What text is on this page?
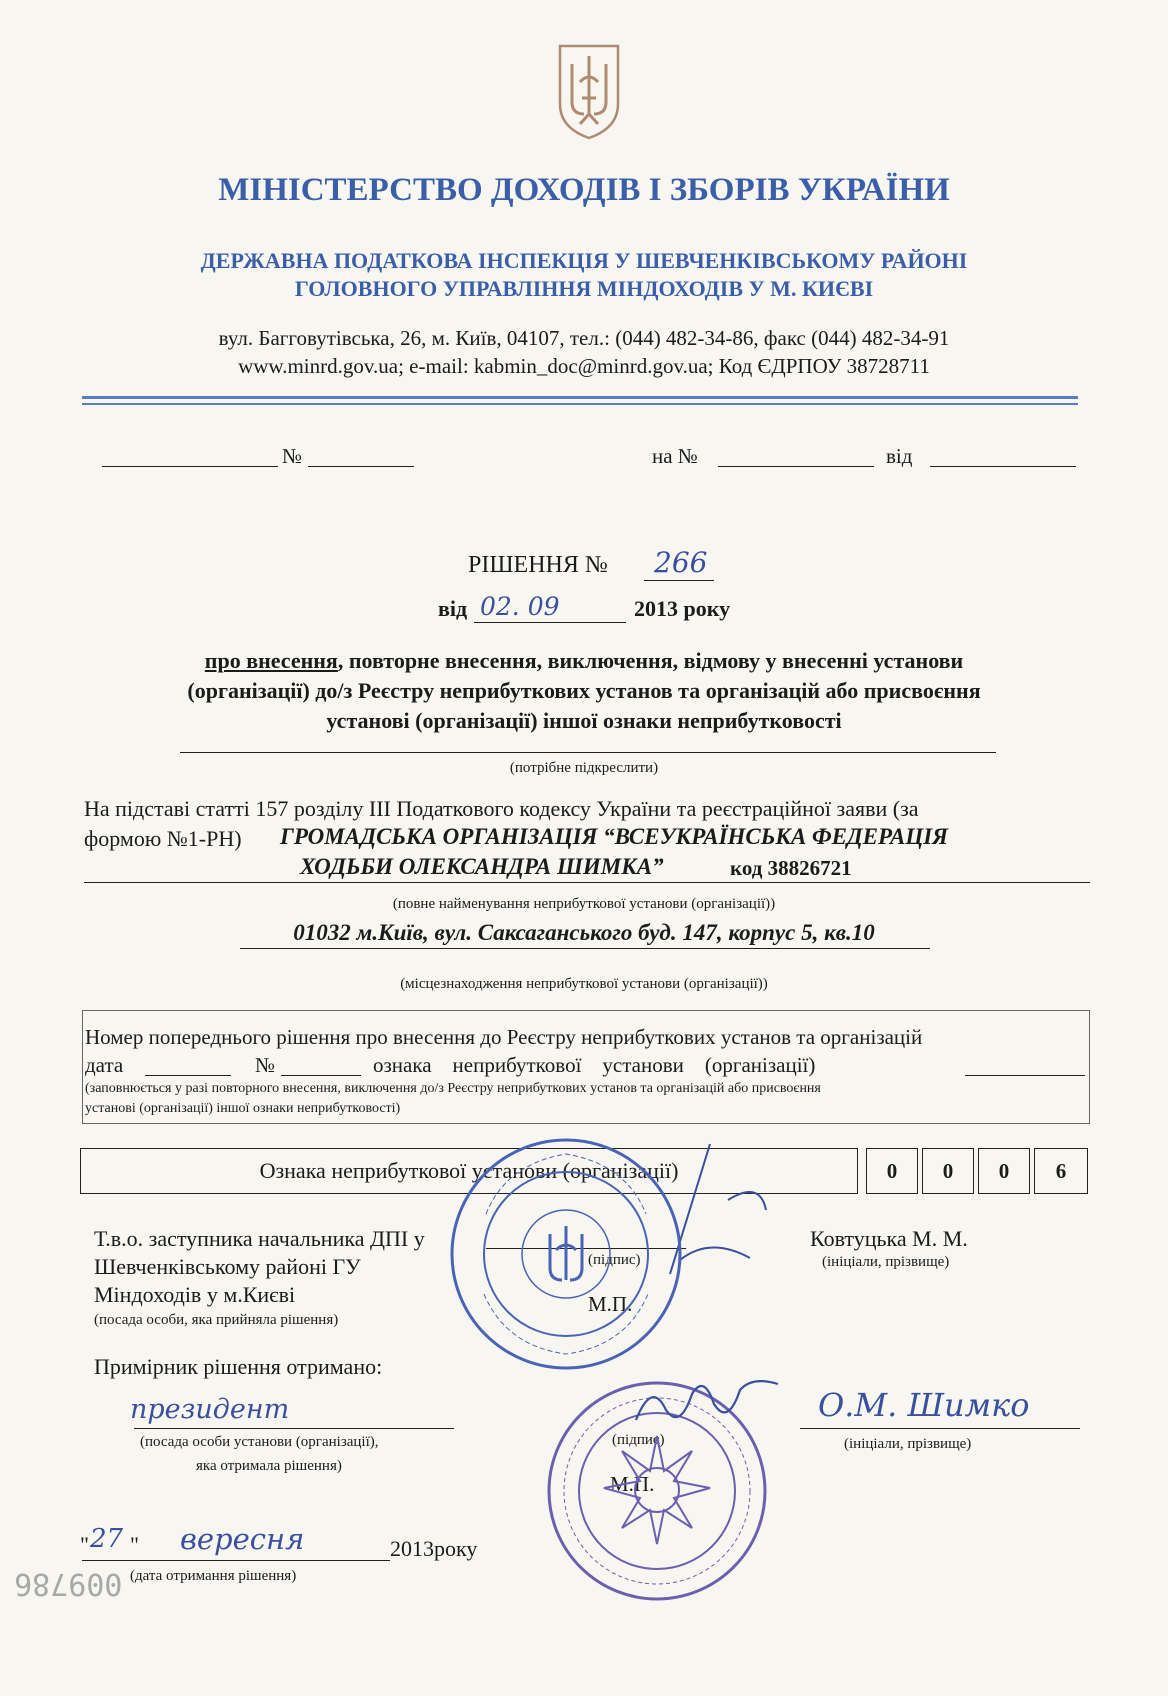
МІНІСТЕРСТВО ДОХОДІВ І ЗБОРІВ УКРАЇНИ
ДЕРЖАВНА ПОДАТКОВА ІНСПЕКЦІЯ У ШЕВЧЕНКІВСЬКОМУ РАЙОНІ
ГОЛОВНОГО УПРАВЛІННЯ МІНДОХОДІВ У М. КИЄВІ
вул. Багговутівська, 26, м. Київ, 04107, тел.: (044) 482-34-86, факс (044) 482-34-91
www.minrd.gov.ua; e-mail: kabmin_doc@minrd.gov.ua; Код ЄДРПОУ 38728711
№	на №	від
РІШЕННЯ № 266
від 02. 09	2013 року
про внесення, повторне внесення, виключення, відмову у внесенні установи
(організації) до/з Реєстру неприбуткових установ та організацій або присвоєння
установі (організації) іншої ознаки неприбутковості
(потрібне підкреслити)
На підставі статті 157 розділу ІІІ Податкового кодексу України та реєстраційної заяви (за
формою №1-РН) ГРОМАДСЬКА ОРГАНІЗАЦІЯ “ВСЕУКРАЇНСЬКА ФЕДЕРАЦІЯ
ХОДЬБИ ОЛЕКСАНДРА ШИМКА”	код 38826721
(повне найменування неприбуткової установи (організації))
01032 м.Київ, вул. Саксаганського буд. 147, корпус 5, кв.10
(місцезнаходження неприбуткової установи (організації))
Номер попереднього рішення про внесення до Реєстру неприбуткових установ та організацій
дата	№	ознака    неприбуткової    установи    (організації)
(заповнюється у разі повторного внесення, виключення до/з Реєстру неприбуткових установ та організацій або присвоєння
установі (організації) іншої ознаки неприбутковості)
Ознака неприбуткової установи (організації)	0	0	0	6
Т.в.о. заступника начальника ДПІ у
Шевченківському районі ГУ
Міндоходів у м.Києві
(посада особи, яка прийняла рішення)
(підпис)
М.П.
Ковтуцька М. М.
(ініціали, прізвище)
Примірник рішення отримано:
президент
(посада особи установи (організації),
яка отримала рішення)
(підпис)
М.П.
О.М. Шимко
(ініціали, прізвище)
" 27 " вересня	2013року
(дата отримання рішення)
009786
